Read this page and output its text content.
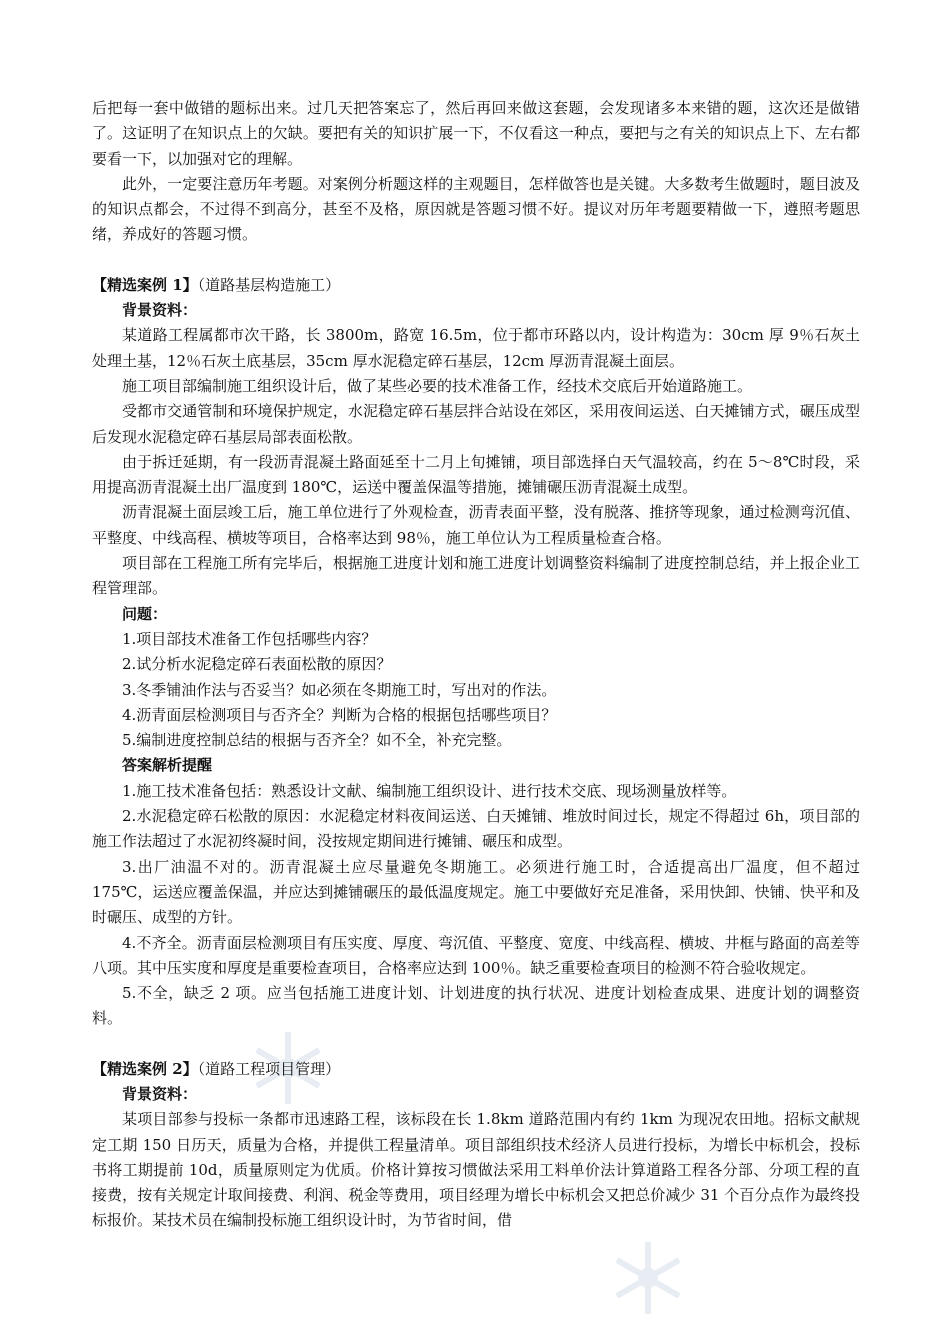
后把每一套中做错的题标出来。过几天把答案忘了，然后再回来做这套题，会发现诸多本来错的题，这次还是做错了。这证明了在知识点上的欠缺。要把有关的知识扩展一下，不仅看这一种点，要把与之有关的知识点上下、左右都要看一下，以加强对它的理解。

此外，一定要注意历年考题。对案例分析题这样的主观题目，怎样做答也是关键。大多数考生做题时，题目波及的知识点都会，不过得不到高分，甚至不及格，原因就是答题习惯不好。提议对历年考题要精做一下，遵照考题思绪，养成好的答题习惯。

【精选案例 1】（道路基层构造施工）

背景资料：

某道路工程属都市次干路，长 3800m，路宽 16.5m，位于都市环路以内，设计构造为：30cm 厚 9％石灰土处理土基，12％石灰土底基层，35cm 厚水泥稳定碎石基层，12cm 厚沥青混凝土面层。

施工项目部编制施工组织设计后，做了某些必要的技术准备工作，经技术交底后开始道路施工。

受都市交通管制和环境保护规定，水泥稳定碎石基层拌合站设在郊区，采用夜间运送、白天摊铺方式，碾压成型后发现水泥稳定碎石基层局部表面松散。

由于拆迁延期，有一段沥青混凝土路面延至十二月上旬摊铺，项目部选择白天气温较高，约在 5～8℃时段，采用提高沥青混凝土出厂温度到 180℃，运送中覆盖保温等措施，摊铺碾压沥青混凝土成型。

沥青混凝土面层竣工后，施工单位进行了外观检查，沥青表面平整，没有脱落、推挤等现象，通过检测弯沉值、平整度、中线高程、横坡等项目，合格率达到 98％，施工单位认为工程质量检查合格。

项目部在工程施工所有完毕后，根据施工进度计划和施工进度计划调整资料编制了进度控制总结，并上报企业工程管理部。

问题：

1.项目部技术准备工作包括哪些内容？

2.试分析水泥稳定碎石表面松散的原因？

3.冬季铺油作法与否妥当？如必须在冬期施工时，写出对的作法。

4.沥青面层检测项目与否齐全？判断为合格的根据包括哪些项目？

5.编制进度控制总结的根据与否齐全？如不全，补充完整。

答案解析提醒

1.施工技术准备包括：熟悉设计文献、编制施工组织设计、进行技术交底、现场测量放样等。

2.水泥稳定碎石松散的原因：水泥稳定材料夜间运送、白天摊铺、堆放时间过长，规定不得超过 6h，项目部的施工作法超过了水泥初终凝时间，没按规定期间进行摊铺、碾压和成型。

3.出厂油温不对的。沥青混凝土应尽量避免冬期施工。必须进行施工时，合适提高出厂温度，但不超过 175℃，运送应覆盖保温，并应达到摊铺碾压的最低温度规定。施工中要做好充足准备，采用快卸、快铺、快平和及时碾压、成型的方针。

4.不齐全。沥青面层检测项目有压实度、厚度、弯沉值、平整度、宽度、中线高程、横坡、井框与路面的高差等八项。其中压实度和厚度是重要检查项目，合格率应达到 100％。缺乏重要检查项目的检测不符合验收规定。

5.不全，缺乏 2 项。应当包括施工进度计划、计划进度的执行状况、进度计划检查成果、进度计划的调整资料。

【精选案例 2】（道路工程项目管理）

背景资料：

某项目部参与投标一条都市迅速路工程，该标段在长 1.8km 道路范围内有约 1km 为现况农田地。招标文献规定工期 150 日历天，质量为合格，并提供工程量清单。项目部组织技术经济人员进行投标，为增长中标机会，投标书将工期提前 10d，质量原则定为优质。价格计算按习惯做法采用工料单价法计算道路工程各分部、分项工程的直接费，按有关规定计取间接费、利润、税金等费用，项目经理为增长中标机会又把总价减少 31 个百分点作为最终投标报价。某技术员在编制投标施工组织设计时，为节省时间，借
